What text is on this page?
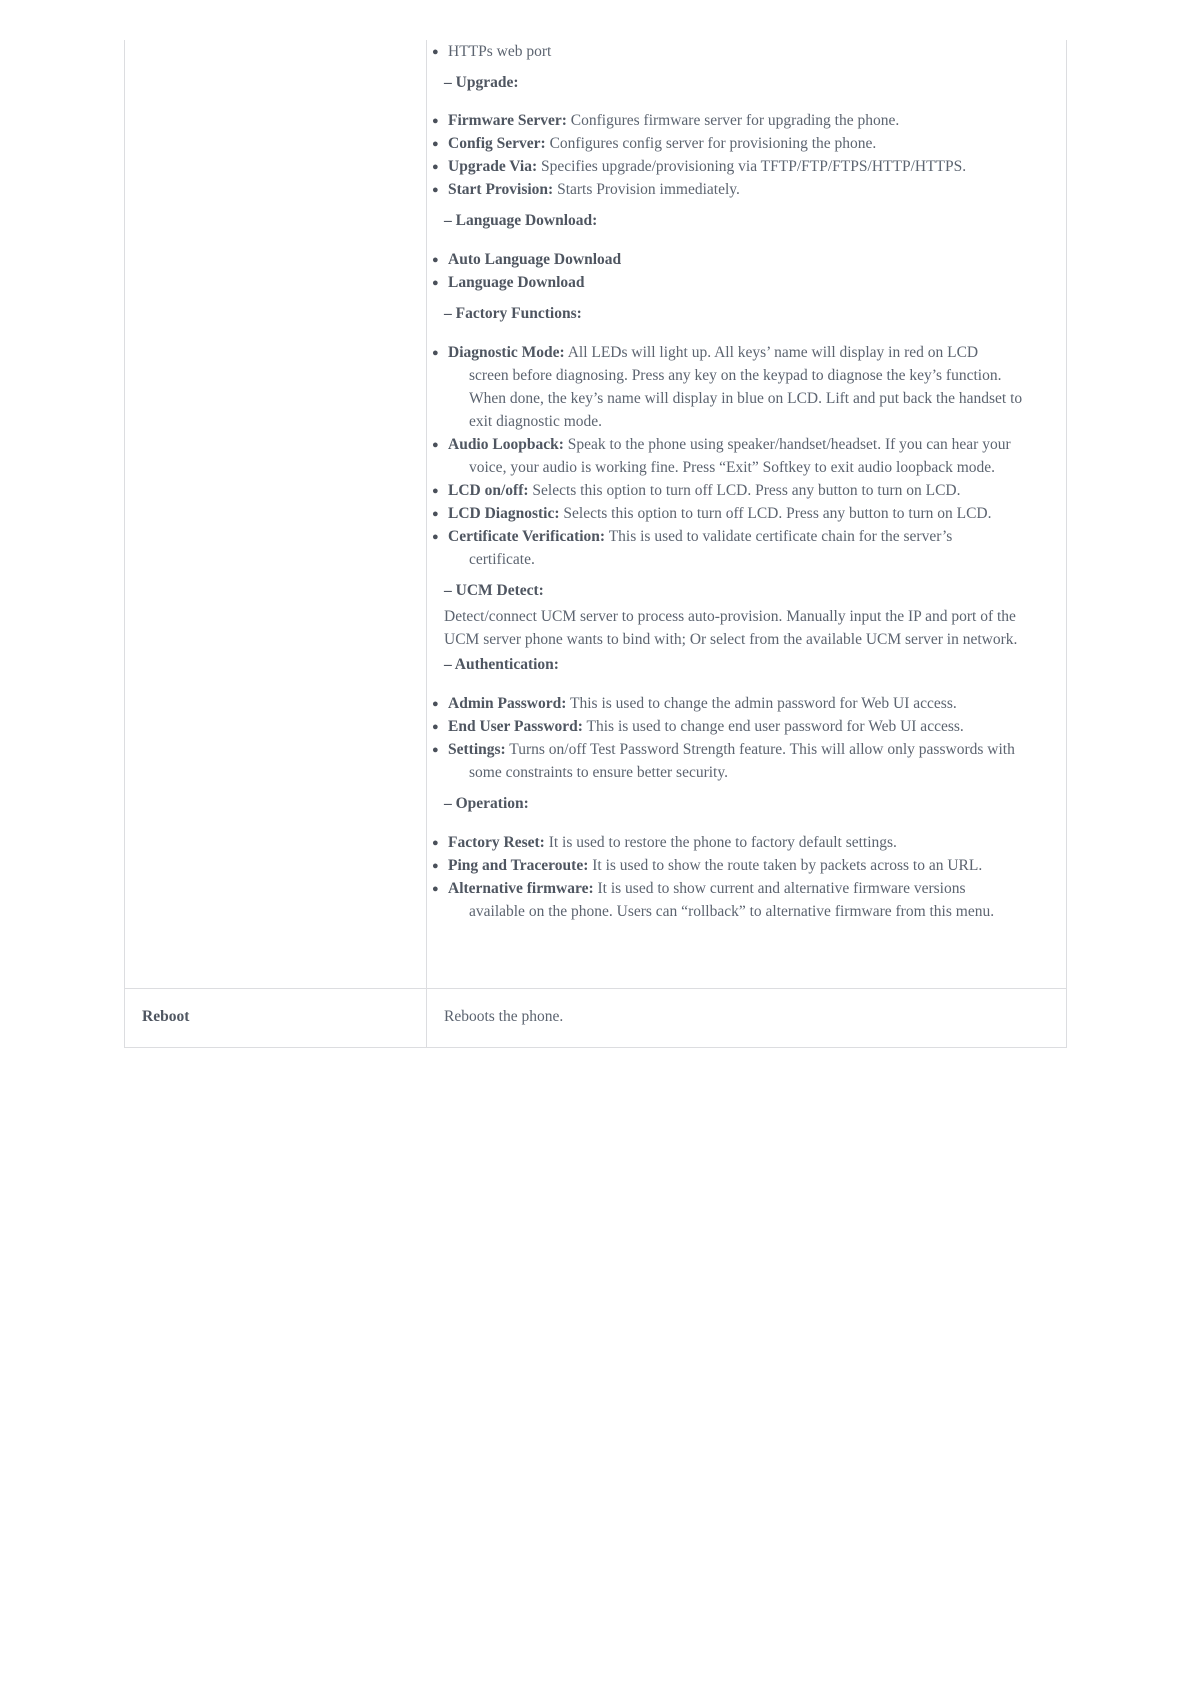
● HTTPs web port
– Upgrade:
● Firmware Server: Configures firmware server for upgrading the phone.
● Config Server: Configures config server for provisioning the phone.
● Upgrade Via: Specifies upgrade/provisioning via TFTP/FTP/FTPS/HTTP/HTTPS.
● Start Provision: Starts Provision immediately.
– Language Download:
● Auto Language Download
● Language Download
– Factory Functions:
● Diagnostic Mode: All LEDs will light up. All keys’ name will display in red on LCD
screen before diagnosing. Press any key on the keypad to diagnose the key’s function.
When done, the key’s name will display in blue on LCD. Lift and put back the handset to
exit diagnostic mode.
● Audio Loopback: Speak to the phone using speaker/handset/headset. If you can hear your
voice, your audio is working fine. Press “Exit” Softkey to exit audio loopback mode.
● LCD on/off: Selects this option to turn off LCD. Press any button to turn on LCD.
● LCD Diagnostic: Selects this option to turn off LCD. Press any button to turn on LCD.
● Certificate Verification: This is used to validate certificate chain for the server’s
certificate.
– UCM Detect:
Detect/connect UCM server to process auto-provision. Manually input the IP and port of the
UCM server phone wants to bind with; Or select from the available UCM server in network.
– Authentication:
● Admin Password: This is used to change the admin password for Web UI access.
● End User Password: This is used to change end user password for Web UI access.
● Settings: Turns on/off Test Password Strength feature. This will allow only passwords with
some constraints to ensure better security.
– Operation:
● Factory Reset: It is used to restore the phone to factory default settings.
● Ping and Traceroute: It is used to show the route taken by packets across to an URL.
● Alternative firmware: It is used to show current and alternative firmware versions
available on the phone. Users can “rollback” to alternative firmware from this menu.
Reboot	Reboots the phone.
